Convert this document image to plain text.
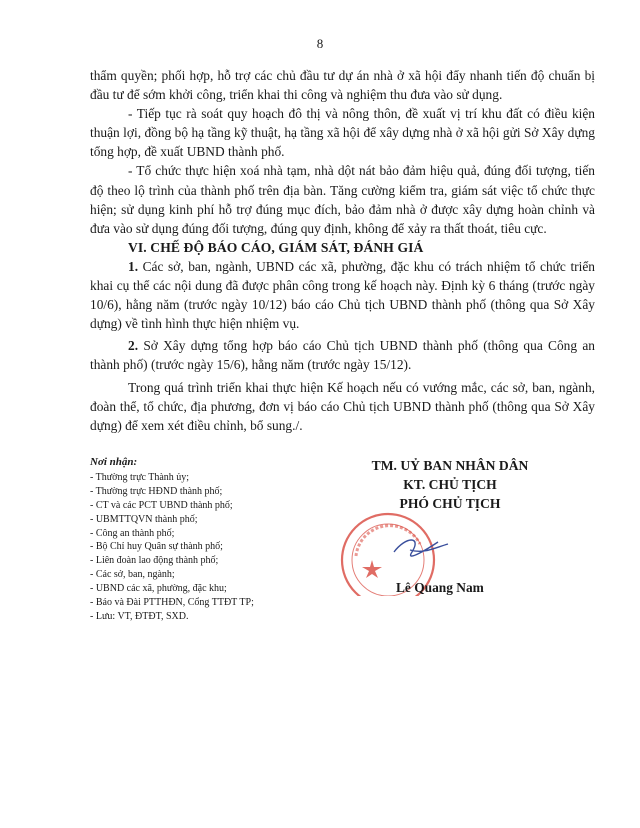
8

thẩm quyền; phối hợp, hỗ trợ các chủ đầu tư dự án nhà ở xã hội đẩy nhanh tiến độ chuẩn bị đầu tư để sớm khởi công, triển khai thi công và nghiệm thu đưa vào sử dụng.

- Tiếp tục rà soát quy hoạch đô thị và nông thôn, đề xuất vị trí khu đất có điều kiện thuận lợi, đồng bộ hạ tầng kỹ thuật, hạ tầng xã hội để xây dựng nhà ở xã hội gửi Sở Xây dựng tổng hợp, đề xuất UBND thành phố.

- Tổ chức thực hiện xoá nhà tạm, nhà dột nát bảo đảm hiệu quả, đúng đối tượng, tiến độ theo lộ trình của thành phố trên địa bàn. Tăng cường kiểm tra, giám sát việc tổ chức thực hiện; sử dụng kinh phí hỗ trợ đúng mục đích, bảo đảm nhà ở được xây dựng hoàn chỉnh và đưa vào sử dụng đúng đối tượng, đúng quy định, không để xảy ra thất thoát, tiêu cực.

VI. CHẾ ĐỘ BÁO CÁO, GIÁM SÁT, ĐÁNH GIÁ

1. Các sở, ban, ngành, UBND các xã, phường, đặc khu có trách nhiệm tổ chức triển khai cụ thể các nội dung đã được phân công trong kế hoạch này. Định kỳ 6 tháng (trước ngày 10/6), hằng năm (trước ngày 10/12) báo cáo Chủ tịch UBND thành phố (thông qua Sở Xây dựng) về tình hình thực hiện nhiệm vụ.

2. Sở Xây dựng tổng hợp báo cáo Chủ tịch UBND thành phố (thông qua Công an thành phố) (trước ngày 15/6), hằng năm (trước ngày 15/12).

Trong quá trình triển khai thực hiện Kế hoạch nếu có vướng mắc, các sở, ban, ngành, đoàn thể, tổ chức, địa phương, đơn vị báo cáo Chủ tịch UBND thành phố (thông qua Sở Xây dựng) để xem xét điều chỉnh, bổ sung./.

Nơi nhận:
- Thường trực Thành ủy;
- Thường trực HĐND thành phố;
- CT và các PCT UBND thành phố;
- UBMTTQVN thành phố;
- Công an thành phố;
- Bộ Chỉ huy Quân sự thành phố;
- Liên đoàn lao động thành phố;
- Các sở, ban, ngành;
- UBND các xã, phường, đặc khu;
- Báo và Đài PTTHĐN, Cổng TTĐT TP;
- Lưu: VT, ĐTĐT, SXD.
TM. UỶ BAN NHÂN DÂN
KT. CHỦ TỊCH
PHÓ CHỦ TỊCH
Lê Quang Nam
